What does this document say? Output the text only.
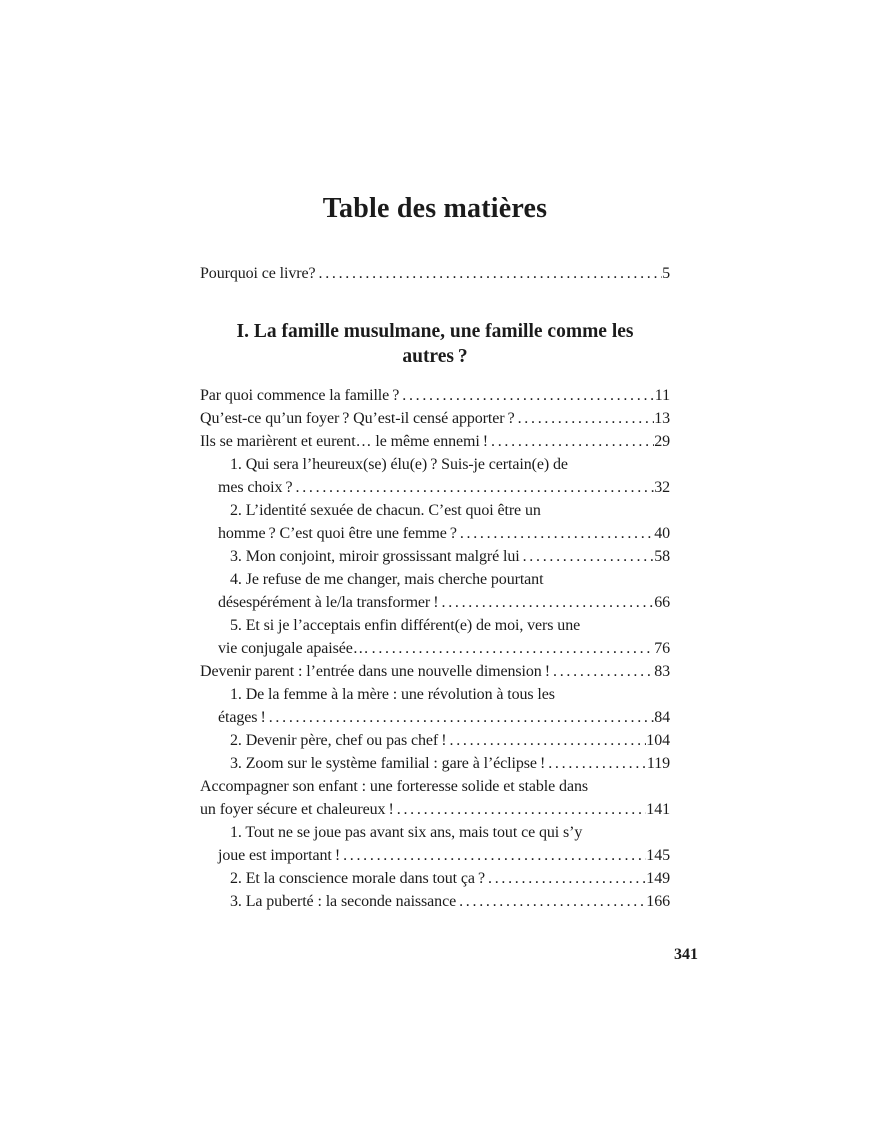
Table des matières
Pourquoi ce livre? .....	5
I. La famille musulmane, une famille comme les
autres ?
Par quoi commence la famille ? .....	11
Qu’est-ce qu’un foyer ? Qu’est-il censé apporter ? .....	13
Ils se marièrent et eurent… le même ennemi ! .....	29
1. Qui sera l’heureux(se) élu(e) ? Suis-je certain(e) de
mes choix ? .....	32
2. L’identité sexuée de chacun. C’est quoi être un
homme ? C’est quoi être une femme ? .....	40
3. Mon conjoint, miroir grossissant malgré lui .....	58
4. Je refuse de me changer, mais cherche pourtant
désespérément à le/la transformer ! .....	66
5. Et si je l’acceptais enfin différent(e) de moi, vers une
vie conjugale apaisée… .....	76
Devenir parent : l’entrée dans une nouvelle dimension ! .....	83
1. De la femme à la mère : une révolution à tous les
étages ! .....	84
2. Devenir père, chef ou pas chef ! .....	104
3. Zoom sur le système familial : gare à l’éclipse ! .....	119
Accompagner son enfant : une forteresse solide et stable dans
un foyer sécure et chaleureux ! .....	141
1. Tout ne se joue pas avant six ans, mais tout ce qui s’y
joue est important ! .....	145
2. Et la conscience morale dans tout ça ? .....	149
3. La puberté : la seconde naissance .....	166
341
